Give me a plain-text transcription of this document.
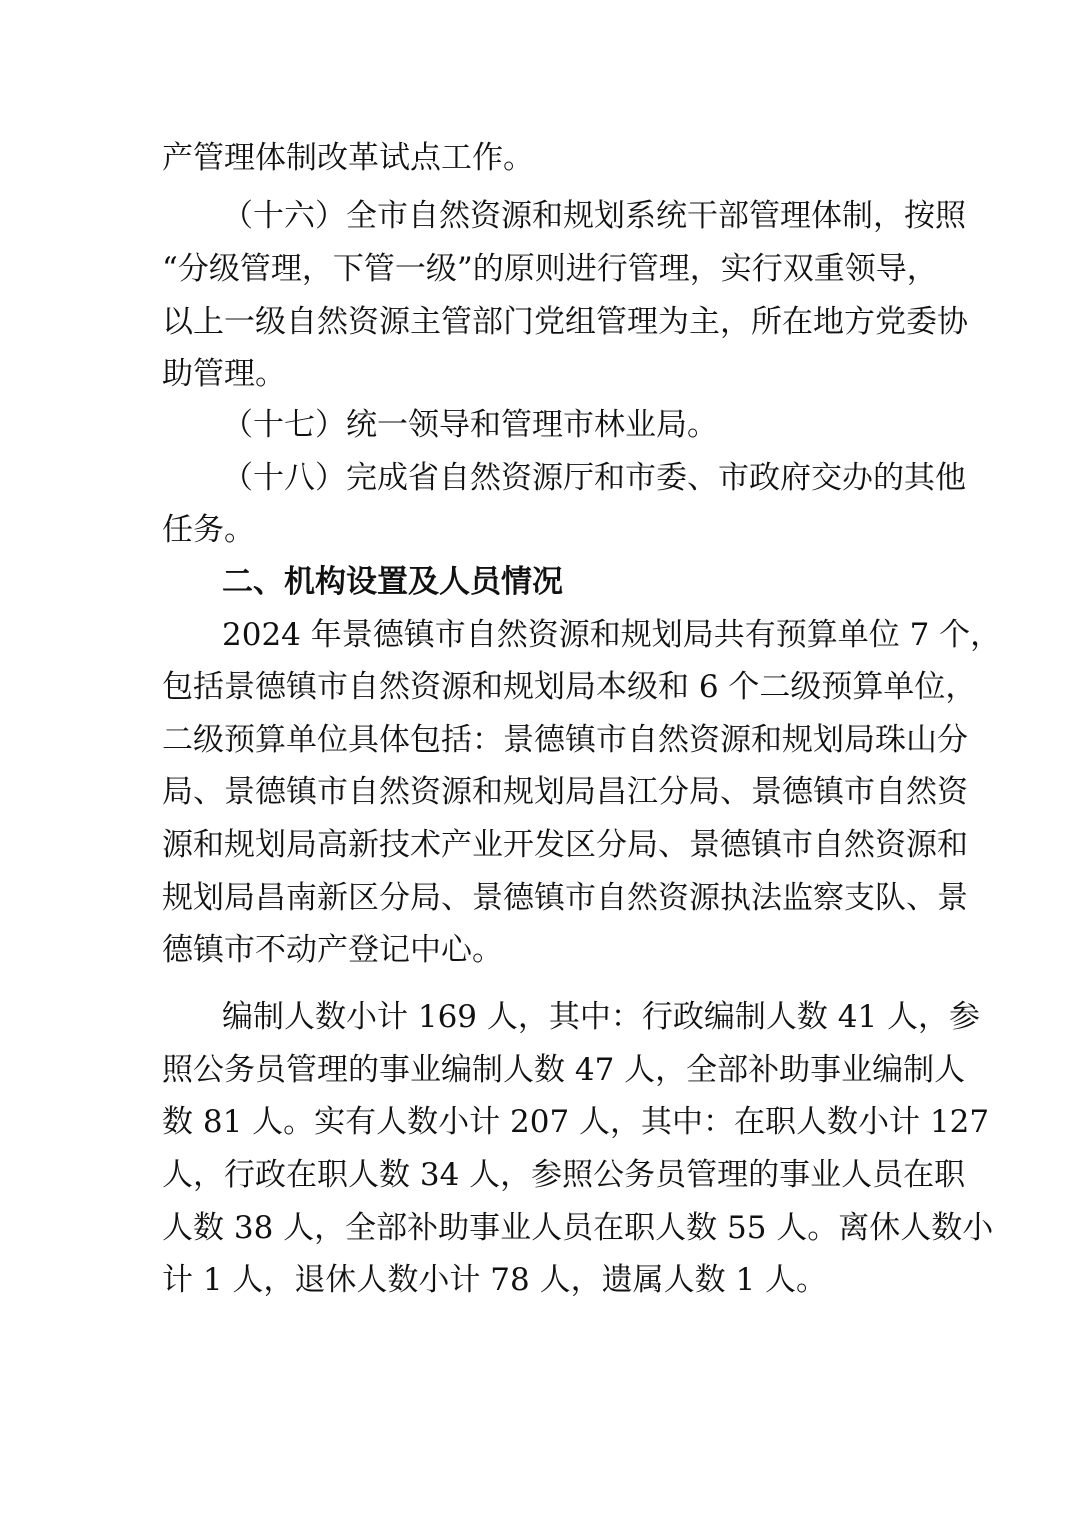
产管理体制改革试点工作。
（十六）全市自然资源和规划系统干部管理体制，按照
“分级管理，下管一级”的原则进行管理，实行双重领导，
以上一级自然资源主管部门党组管理为主，所在地方党委协
助管理。
（十七）统一领导和管理市林业局。
（十八）完成省自然资源厅和市委、市政府交办的其他
任务。
二、机构设置及人员情况
2024 年景德镇市自然资源和规划局共有预算单位 7 个，
包括景德镇市自然资源和规划局本级和 6 个二级预算单位，
二级预算单位具体包括：景德镇市自然资源和规划局珠山分
局、景德镇市自然资源和规划局昌江分局、景德镇市自然资
源和规划局高新技术产业开发区分局、景德镇市自然资源和
规划局昌南新区分局、景德镇市自然资源执法监察支队、景
德镇市不动产登记中心。
编制人数小计 169 人，其中：行政编制人数 41 人，参
照公务员管理的事业编制人数 47 人，全部补助事业编制人
数 81 人。实有人数小计 207 人，其中：在职人数小计 127
人，行政在职人数 34 人，参照公务员管理的事业人员在职
人数 38 人，全部补助事业人员在职人数 55 人。离休人数小
计 1 人，退休人数小计 78 人，遗属人数 1 人。
